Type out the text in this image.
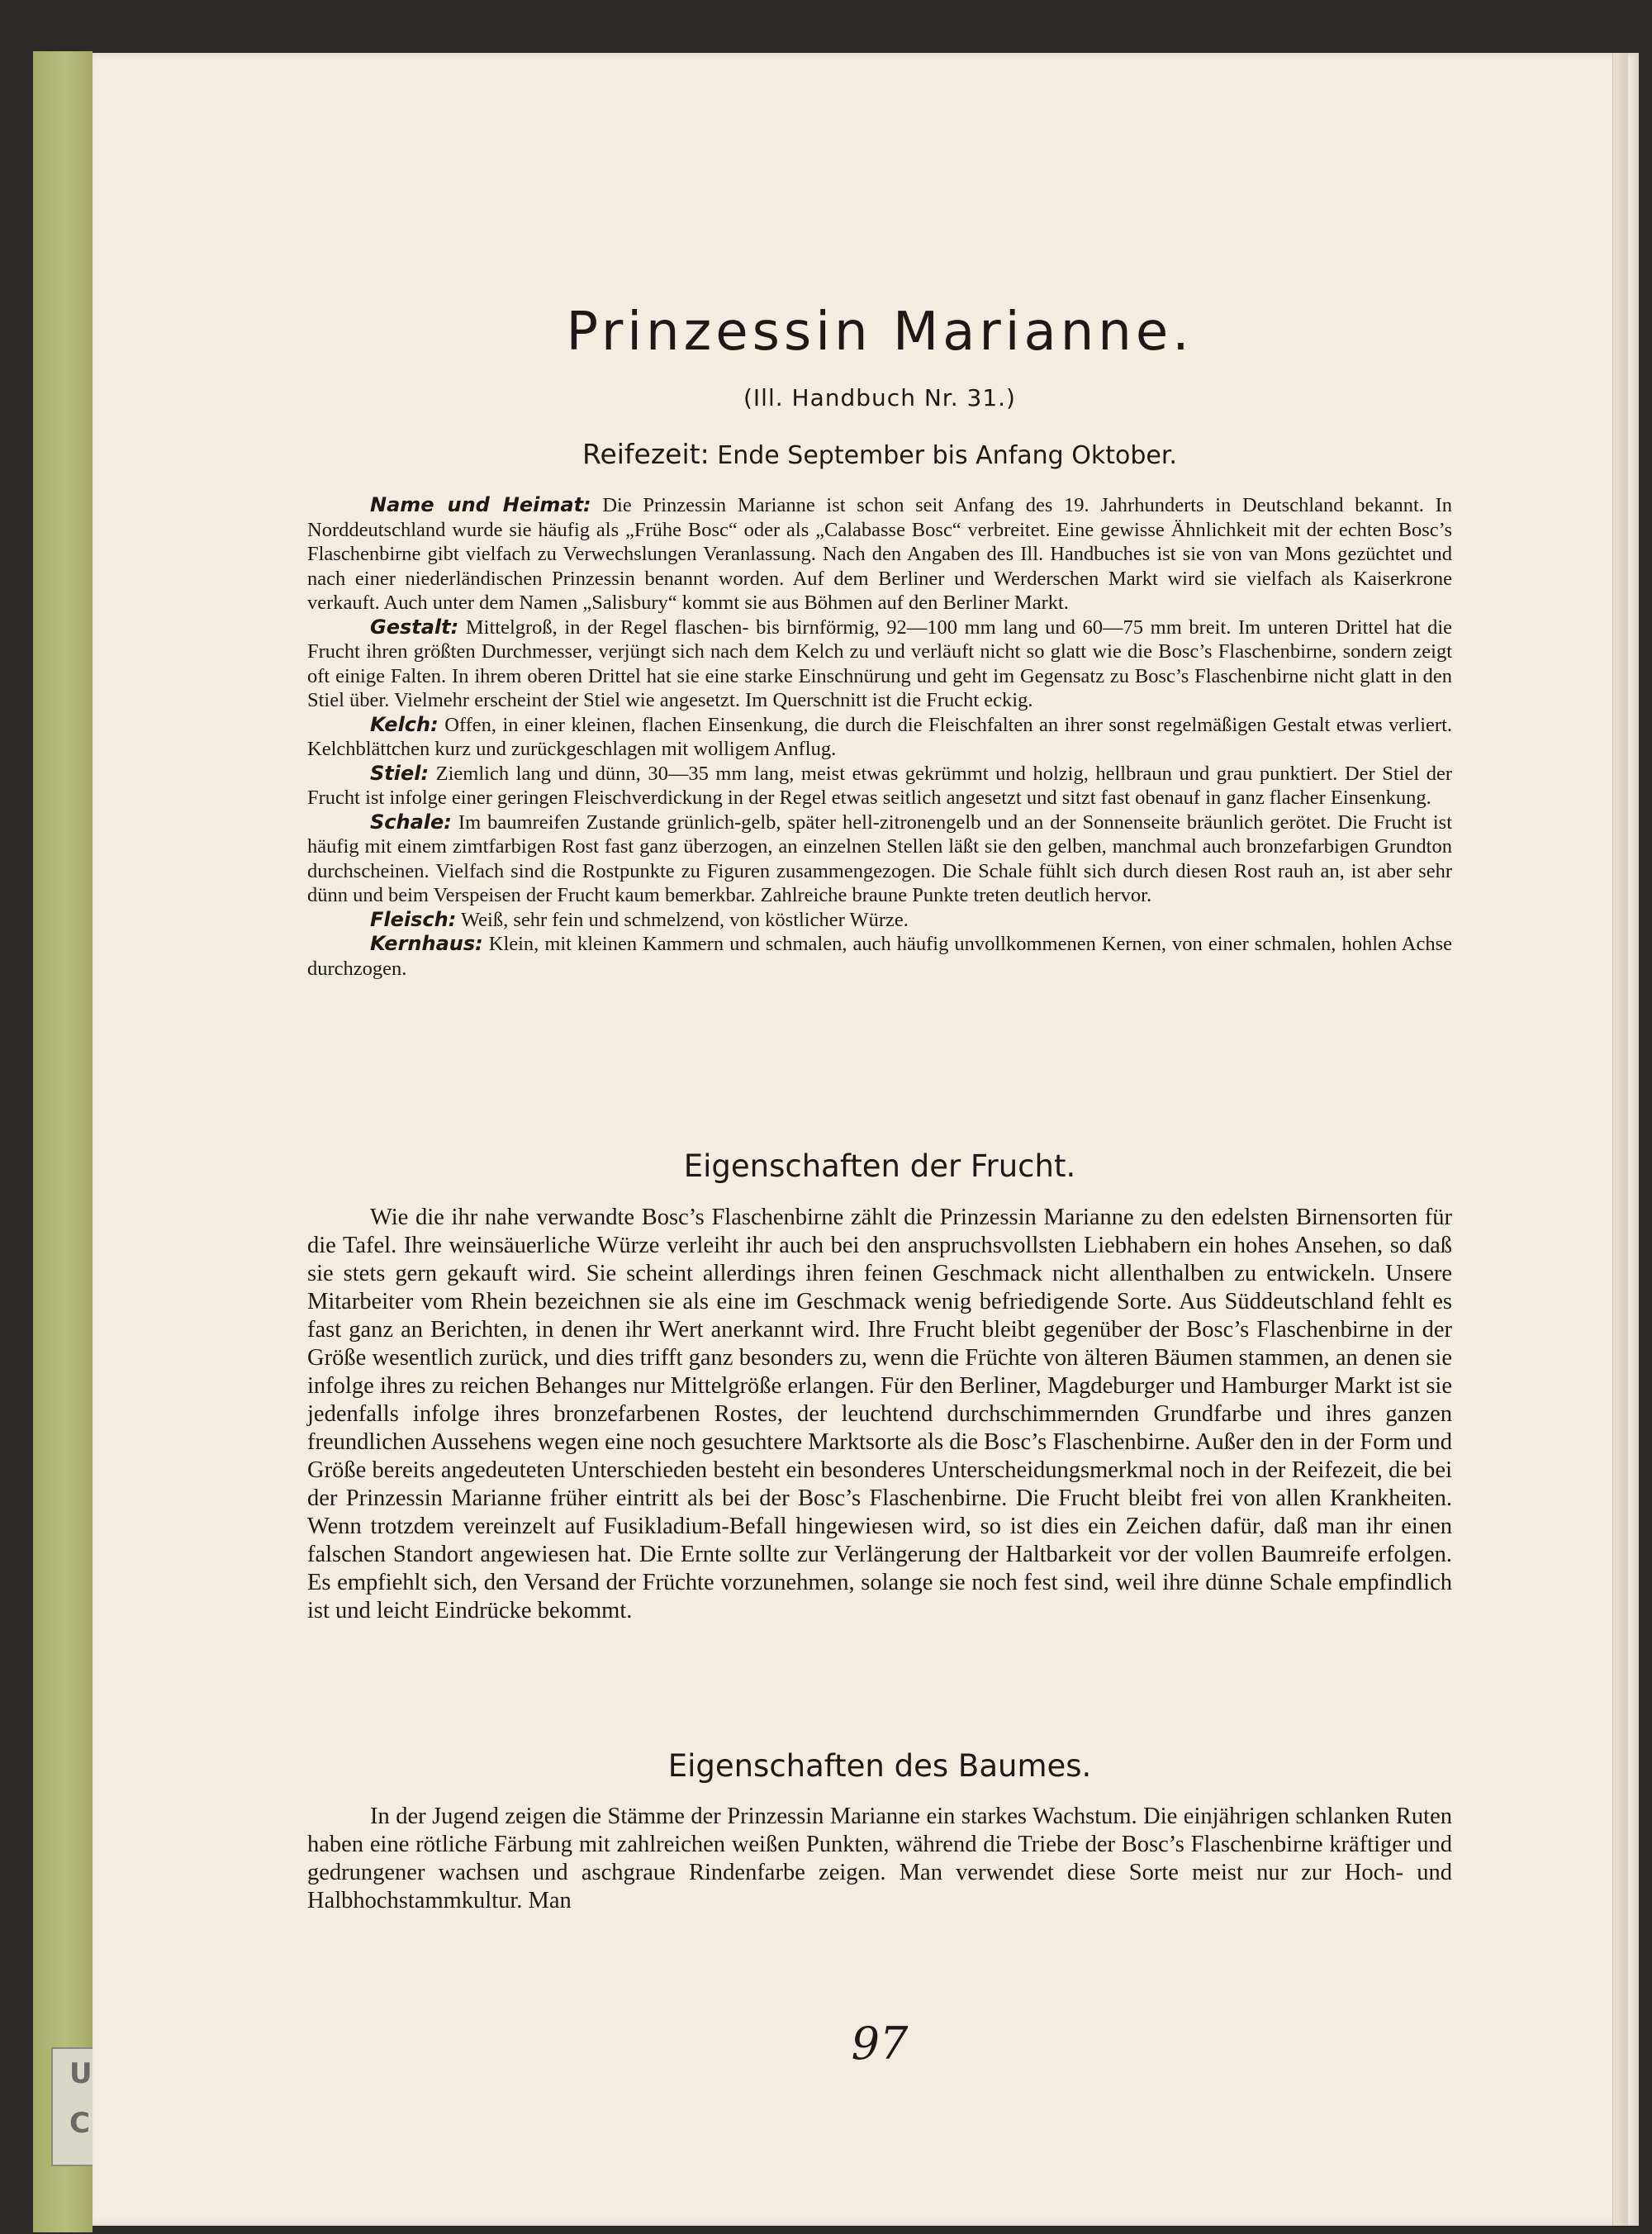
U
C
Prinzessin Marianne.
(Ill. Handbuch Nr. 31.)
Reifezeit: Ende September bis Anfang Oktober.

Name und Heimat: Die Prinzessin Marianne ist schon seit Anfang des 19. Jahrhunderts in Deutschland bekannt. In Norddeutschland wurde sie häufig als „Frühe Bosc“ oder als „Calabasse Bosc“ verbreitet. Eine gewisse Ähnlichkeit mit der echten Bosc’s Flaschenbirne gibt vielfach zu Verwechslungen Veranlassung. Nach den Angaben des Ill. Handbuches ist sie von van Mons gezüchtet und nach einer niederländischen Prinzessin benannt worden. Auf dem Berliner und Werderschen Markt wird sie vielfach als Kaiserkrone verkauft. Auch unter dem Namen „Salisbury“ kommt sie aus Böhmen auf den Berliner Markt.

Gestalt: Mittelgroß, in der Regel flaschen- bis birnförmig, 92—100 mm lang und 60—75 mm breit. Im unteren Drittel hat die Frucht ihren größten Durchmesser, verjüngt sich nach dem Kelch zu und verläuft nicht so glatt wie die Bosc’s Flaschenbirne, sondern zeigt oft einige Falten. In ihrem oberen Drittel hat sie eine starke Einschnürung und geht im Gegensatz zu Bosc’s Flaschenbirne nicht glatt in den Stiel über. Vielmehr erscheint der Stiel wie angesetzt. Im Querschnitt ist die Frucht eckig.

Kelch: Offen, in einer kleinen, flachen Einsenkung, die durch die Fleischfalten an ihrer sonst regelmäßigen Gestalt etwas verliert. Kelchblättchen kurz und zurückgeschlagen mit wolligem Anflug.

Stiel: Ziemlich lang und dünn, 30—35 mm lang, meist etwas gekrümmt und holzig, hellbraun und grau punktiert. Der Stiel der Frucht ist infolge einer geringen Fleischverdickung in der Regel etwas seitlich angesetzt und sitzt fast obenauf in ganz flacher Einsenkung.

Schale: Im baumreifen Zustande grünlich-gelb, später hell-zitronengelb und an der Sonnenseite bräunlich gerötet. Die Frucht ist häufig mit einem zimtfarbigen Rost fast ganz überzogen, an einzelnen Stellen läßt sie den gelben, manchmal auch bronzefarbigen Grundton durchscheinen. Vielfach sind die Rostpunkte zu Figuren zusammengezogen. Die Schale fühlt sich durch diesen Rost rauh an, ist aber sehr dünn und beim Verspeisen der Frucht kaum bemerkbar. Zahlreiche braune Punkte treten deutlich hervor.

Fleisch: Weiß, sehr fein und schmelzend, von köstlicher Würze.

Kernhaus: Klein, mit kleinen Kammern und schmalen, auch häufig unvollkommenen Kernen, von einer schmalen, hohlen Achse durchzogen.

Eigenschaften der Frucht.

Wie die ihr nahe verwandte Bosc’s Flaschenbirne zählt die Prinzessin Marianne zu den edelsten Birnensorten für die Tafel. Ihre weinsäuerliche Würze verleiht ihr auch bei den anspruchsvollsten Liebhabern ein hohes Ansehen, so daß sie stets gern gekauft wird. Sie scheint allerdings ihren feinen Geschmack nicht allenthalben zu entwickeln. Unsere Mitarbeiter vom Rhein bezeichnen sie als eine im Geschmack wenig befriedigende Sorte. Aus Süddeutschland fehlt es fast ganz an Berichten, in denen ihr Wert anerkannt wird. Ihre Frucht bleibt gegenüber der Bosc’s Flaschenbirne in der Größe wesentlich zurück, und dies trifft ganz besonders zu, wenn die Früchte von älteren Bäumen stammen, an denen sie infolge ihres zu reichen Behanges nur Mittelgröße erlangen. Für den Berliner, Magdeburger und Hamburger Markt ist sie jedenfalls infolge ihres bronzefarbenen Rostes, der leuchtend durchschimmernden Grundfarbe und ihres ganzen freundlichen Aussehens wegen eine noch gesuchtere Marktsorte als die Bosc’s Flaschenbirne. Außer den in der Form und Größe bereits angedeuteten Unterschieden besteht ein besonderes Unterscheidungsmerkmal noch in der Reifezeit, die bei der Prinzessin Marianne früher eintritt als bei der Bosc’s Flaschenbirne. Die Frucht bleibt frei von allen Krankheiten. Wenn trotzdem vereinzelt auf Fusikladium-Befall hingewiesen wird, so ist dies ein Zeichen dafür, daß man ihr einen falschen Standort angewiesen hat. Die Ernte sollte zur Verlängerung der Haltbarkeit vor der vollen Baumreife erfolgen. Es empfiehlt sich, den Versand der Früchte vorzunehmen, solange sie noch fest sind, weil ihre dünne Schale empfindlich ist und leicht Eindrücke bekommt.

Eigenschaften des Baumes.

In der Jugend zeigen die Stämme der Prinzessin Marianne ein starkes Wachstum. Die einjährigen schlanken Ruten haben eine rötliche Färbung mit zahlreichen weißen Punkten, während die Triebe der Bosc’s Flaschenbirne kräftiger und gedrungener wachsen und aschgraue Rindenfarbe zeigen. Man verwendet diese Sorte meist nur zur Hoch- und Halbhochstammkultur. Man

97
